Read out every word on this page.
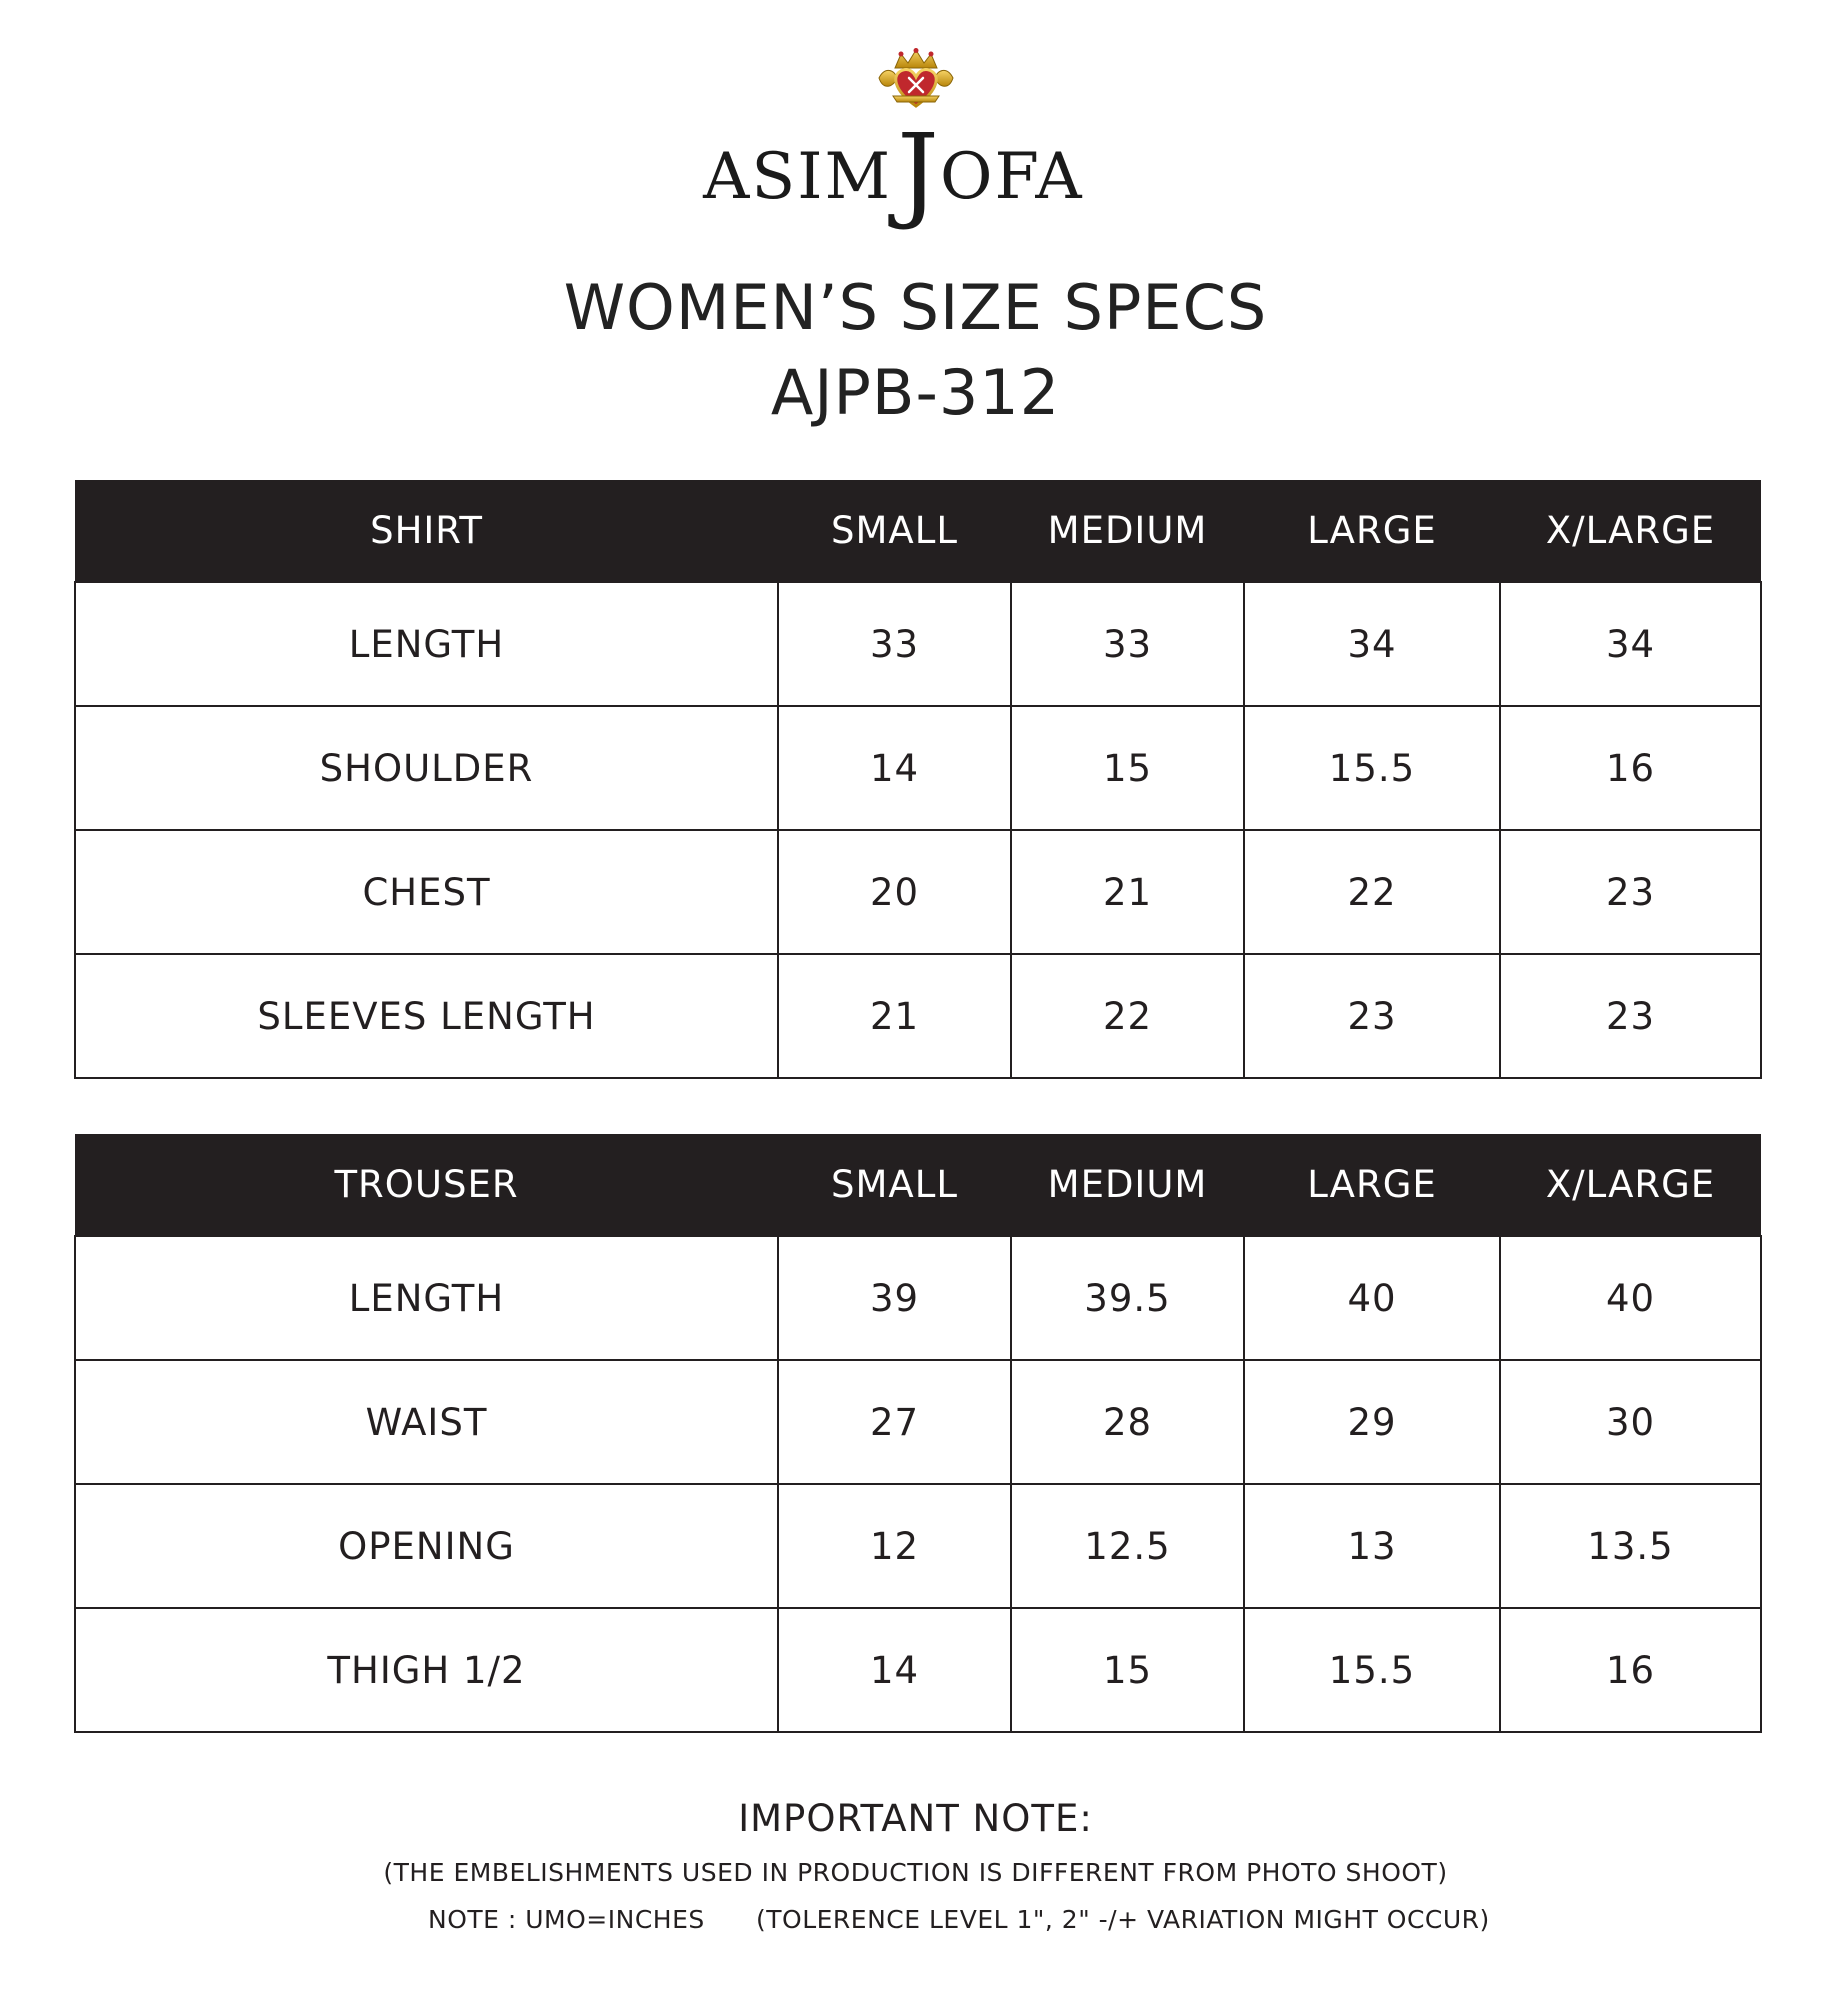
ASIM J OFA
WOMEN’S SIZE SPECS
AJPB-312
SHIRT	SMALL	MEDIUM	LARGE	X/LARGE
LENGTH	33	33	34	34
SHOULDER	14	15	15.5	16
CHEST	20	21	22	23
SLEEVES LENGTH	21	22	23	23
TROUSER	SMALL	MEDIUM	LARGE	X/LARGE
LENGTH	39	39.5	40	40
WAIST	27	28	29	30
OPENING	12	12.5	13	13.5
THIGH 1/2	14	15	15.5	16
IMPORTANT NOTE:
(THE EMBELISHMENTS USED IN PRODUCTION IS DIFFERENT FROM PHOTO SHOOT)
NOTE : UMO=INCHES (TOLERENCE LEVEL 1", 2" -/+ VARIATION MIGHT OCCUR)
